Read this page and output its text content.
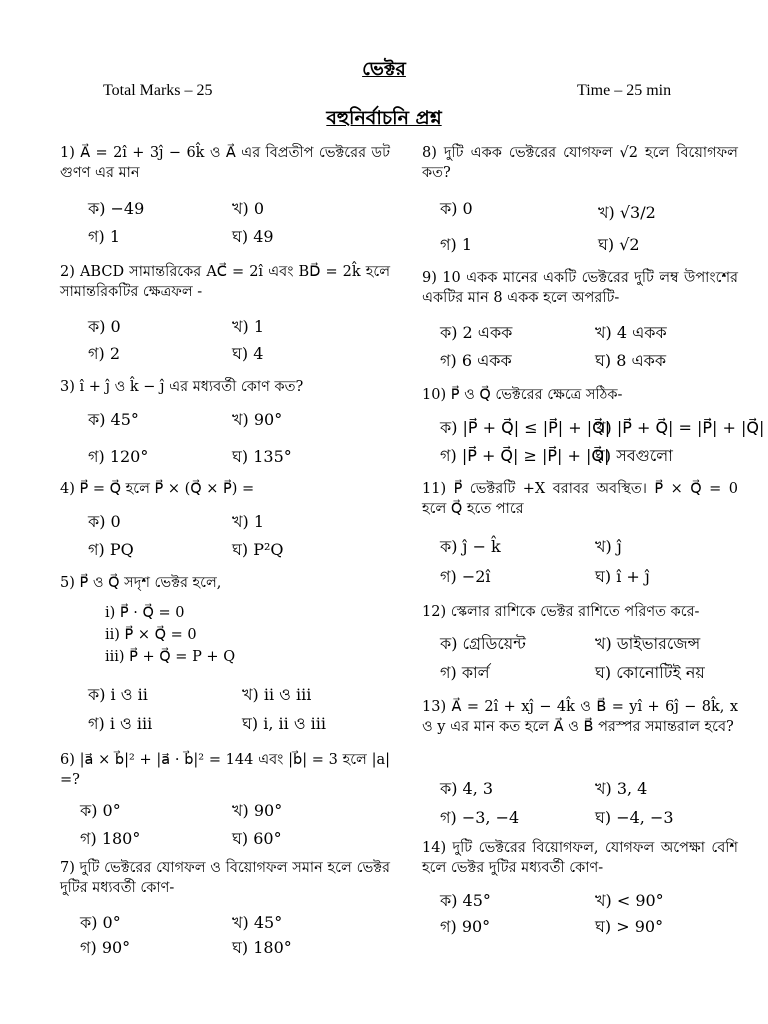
ভেক্টর
Total Marks – 25	Time – 25 min
বহুনির্বাচনি প্রশ্ন
1) A⃗ = 2î + 3ĵ − 6k̂ ও A⃗ এর বিপ্রতীপ ভেক্টরের ডট গুণণ এর মান
ক) −49	খ) 0
গ) 1	ঘ) 49
2) ABCD সামান্তরিকের AC⃗ = 2î এবং BD⃗ = 2k̂ হলে সামান্তরিকটির ক্ষেত্রফল -
ক) 0	খ) 1
গ) 2	ঘ) 4
3) î + ĵ ও k̂ − ĵ এর মধ্যবর্তী কোণ কত?
ক) 45°	খ) 90°
গ) 120°	ঘ) 135°
4) P⃗ = Q⃗ হলে P⃗ × (Q⃗ × P⃗) =
ক) 0	খ) 1
গ) PQ	ঘ) P²Q
5) P⃗ ও Q⃗ সদৃশ ভেক্টর হলে,
i) P⃗ · Q⃗ = 0
ii) P⃗ × Q⃗ = 0
iii) P⃗ + Q⃗ = P + Q
ক) i ও ii	খ) ii ও iii
গ) i ও iii	ঘ) i, ii ও iii
6) |a⃗ × b⃗|² + |a⃗ · b⃗|² = 144 এবং |b⃗| = 3 হলে |a| =?
ক) 0°	খ) 90°
গ) 180°	ঘ) 60°
7) দুটি ভেক্টরের যোগফল ও বিয়োগফল সমান হলে ভেক্টর দুটির মধ্যবর্তী কোণ-
ক) 0°	খ) 45°
গ) 90°	ঘ) 180°
8) দুটি একক ভেক্টরের যোগফল √2 হলে বিয়োগফল কত?
ক) 0	খ) √3/2
গ) 1	ঘ) √2
9) 10 একক মানের একটি ভেক্টরের দুটি লম্ব উপাংশের একটির মান 8 একক হলে অপরটি-
ক) 2 একক	খ) 4 একক
গ) 6 একক	ঘ) 8 একক
10) P⃗ ও Q⃗ ভেক্টরের ক্ষেত্রে সঠিক-
ক) |P⃗ + Q⃗| ≤ |P⃗| + |Q⃗|
খ) |P⃗ + Q⃗| = |P⃗| + |Q⃗|
গ) |P⃗ + Q⃗| ≥ |P⃗| + |Q⃗|
ঘ) সবগুলো
11) P⃗ ভেক্টরটি +X বরাবর অবস্থিত। P⃗ × Q⃗ = 0 হলে Q⃗ হতে পারে
ক) ĵ − k̂	খ) ĵ
গ) −2î	ঘ) î + ĵ
12) স্কেলার রাশিকে ভেক্টর রাশিতে পরিণত করে-
ক) গ্রেডিয়েন্ট	খ) ডাইভারজেন্স
গ) কার্ল	ঘ) কোনোটিই নয়
13) A⃗ = 2î + xĵ − 4k̂ ও B⃗ = yî + 6ĵ − 8k̂, x ও y এর মান কত হলে A⃗ ও B⃗ পরস্পর সমান্তরাল হবে?
ক) 4, 3	খ) 3, 4
গ) −3, −4	ঘ) −4, −3
14) দুটি ভেক্টরের বিয়োগফল, যোগফল অপেক্ষা বেশি হলে ভেক্টর দুটির মধ্যবর্তী কোণ-
ক) 45°	খ) < 90°
গ) 90°	ঘ) > 90°
